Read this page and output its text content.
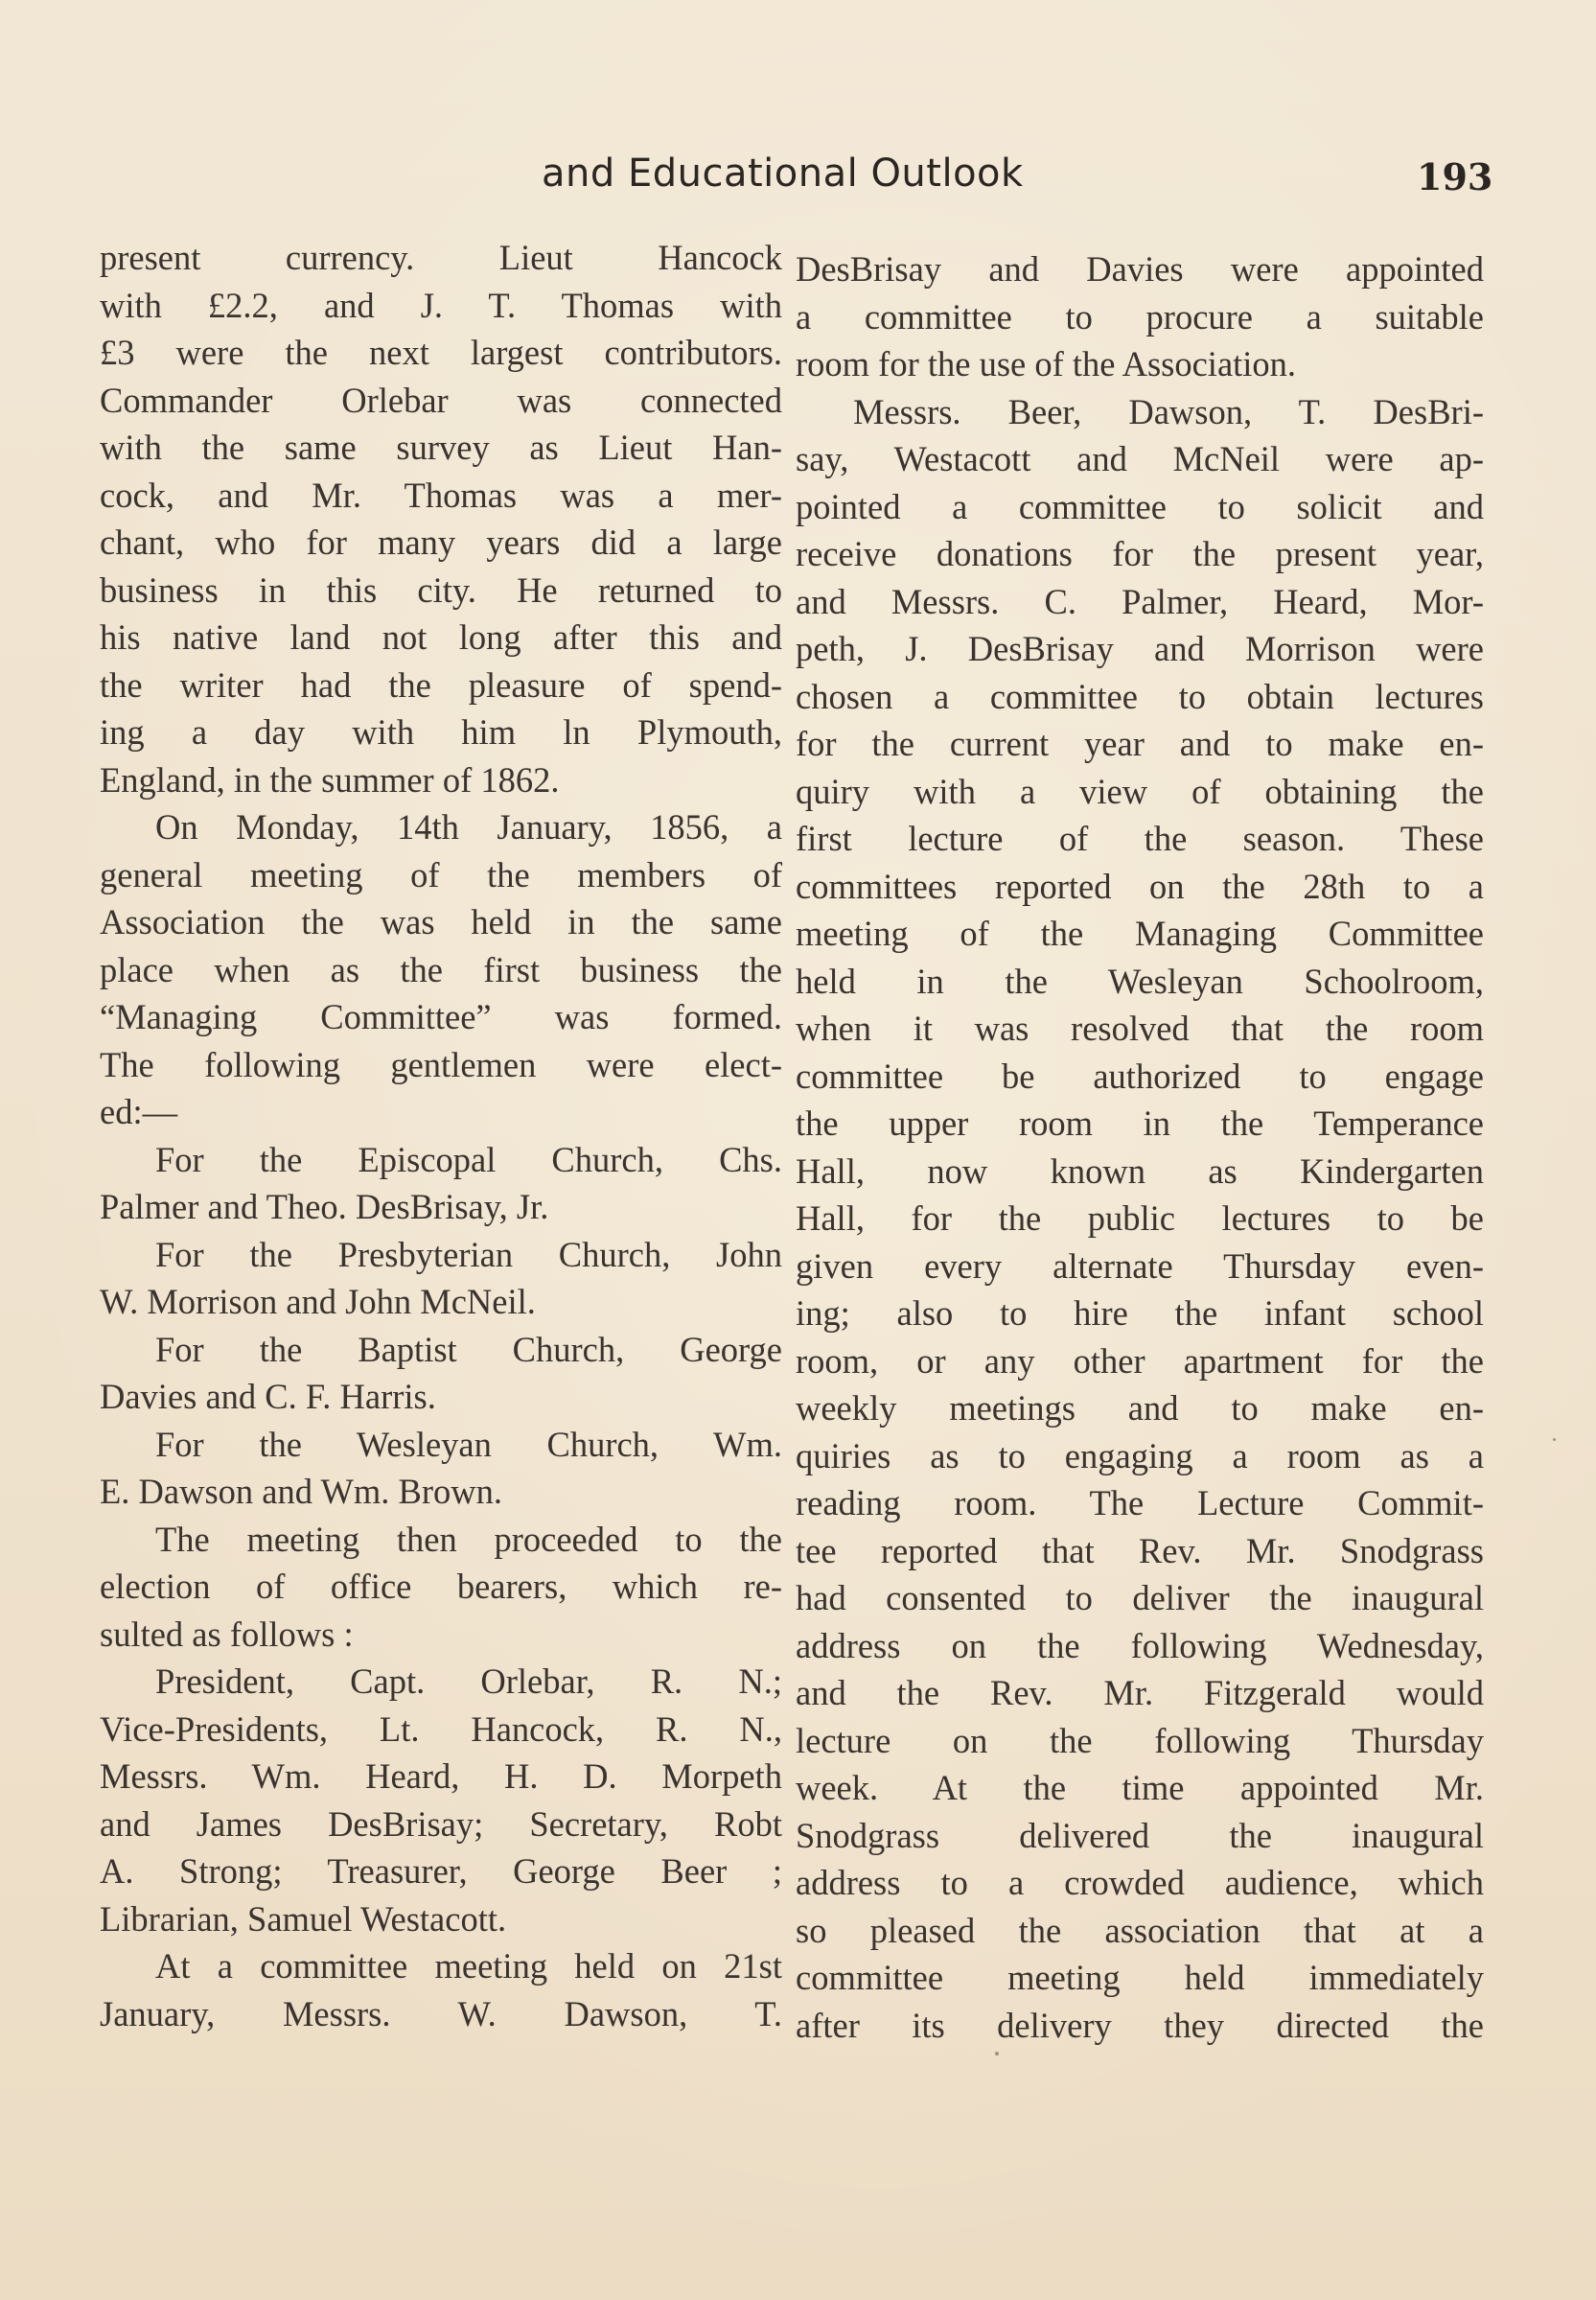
and Educational Outlook	193
present currency. Lieut Hancock
with £2.2, and J. T. Thomas with
£3 were the next largest contributors.
Commander Orlebar was connected
with the same survey as Lieut Han-
cock, and Mr. Thomas was a mer-
chant, who for many years did a large
business in this city. He returned to
his native land not long after this and
the writer had the pleasure of spend-
ing a day with him ln Plymouth,
England, in the summer of 1862.
On Monday, 14th January, 1856, a
general meeting of the members of
Association the was held in the same
place when as the first business the
“Managing Committee” was formed.
The following gentlemen were elect-
ed:—
For the Episcopal Church, Chs.
Palmer and Theo. DesBrisay, Jr.
For the Presbyterian Church, John
W. Morrison and John McNeil.
For the Baptist Church, George
Davies and C. F. Harris.
For the Wesleyan Church, Wm.
E. Dawson and Wm. Brown.
The meeting then proceeded to the
election of office bearers, which re-
sulted as follows :
President, Capt. Orlebar, R. N.;
Vice-Presidents, Lt. Hancock, R. N.,
Messrs. Wm. Heard, H. D. Morpeth
and James DesBrisay; Secretary, Robt
A. Strong; Treasurer, George Beer ;
Librarian, Samuel Westacott.
At a committee meeting held on 21st
January, Messrs. W. Dawson, T.
DesBrisay and Davies were appointed
a committee to procure a suitable
room for the use of the Association.
Messrs. Beer, Dawson, T. DesBri-
say, Westacott and McNeil were ap-
pointed a committee to solicit and
receive donations for the present year,
and Messrs. C. Palmer, Heard, Mor-
peth, J. DesBrisay and Morrison were
chosen a committee to obtain lectures
for the current year and to make en-
quiry with a view of obtaining the
first lecture of the season. These
committees reported on the 28th to a
meeting of the Managing Committee
held in the Wesleyan Schoolroom,
when it was resolved that the room
committee be authorized to engage
the upper room in the Temperance
Hall, now known as Kindergarten
Hall, for the public lectures to be
given every alternate Thursday even-
ing; also to hire the infant school
room, or any other apartment for the
weekly meetings and to make en-
quiries as to engaging a room as a
reading room. The Lecture Commit-
tee reported that Rev. Mr. Snodgrass
had consented to deliver the inaugural
address on the following Wednesday,
and the Rev. Mr. Fitzgerald would
lecture on the following Thursday
week. At the time appointed Mr.
Snodgrass delivered the inaugural
address to a crowded audience, which
so pleased the association that at a
committee meeting held immediately
after its delivery they directed the
